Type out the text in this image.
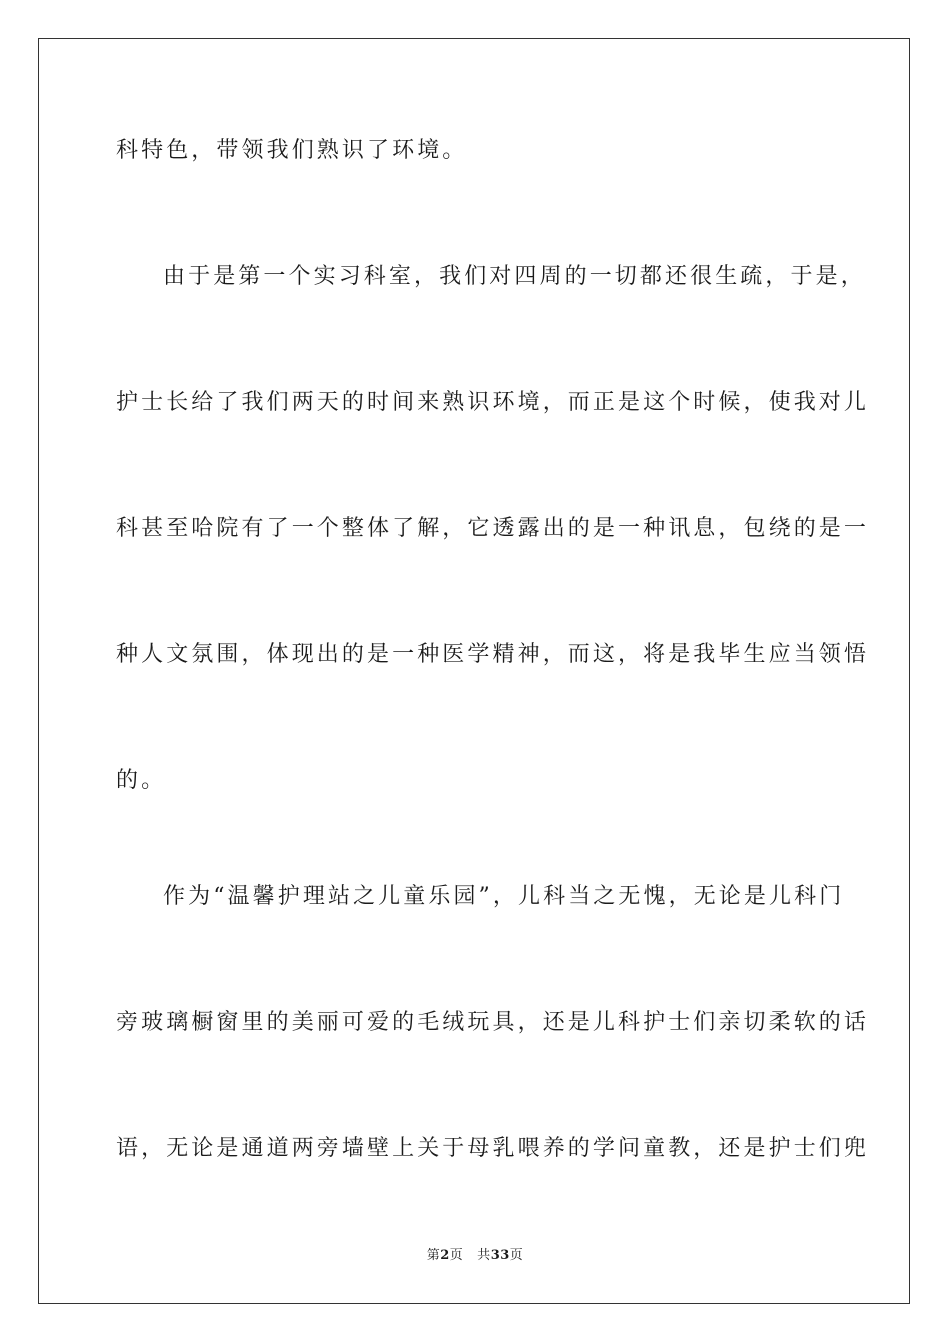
科特色，带领我们熟识了环境。
由于是第一个实习科室，我们对四周的一切都还很生疏，于是，
护士长给了我们两天的时间来熟识环境，而正是这个时候，使我对儿
科甚至哈院有了一个整体了解，它透露出的是一种讯息，包绕的是一
种人文氛围，体现出的是一种医学精神，而这，将是我毕生应当领悟
的。
作为“温馨护理站之儿童乐园”，儿科当之无愧，无论是儿科门
旁玻璃橱窗里的美丽可爱的毛绒玩具，还是儿科护士们亲切柔软的话
语，无论是通道两旁墙壁上关于母乳喂养的学问童教，还是护士们兜
第2页 共33页
